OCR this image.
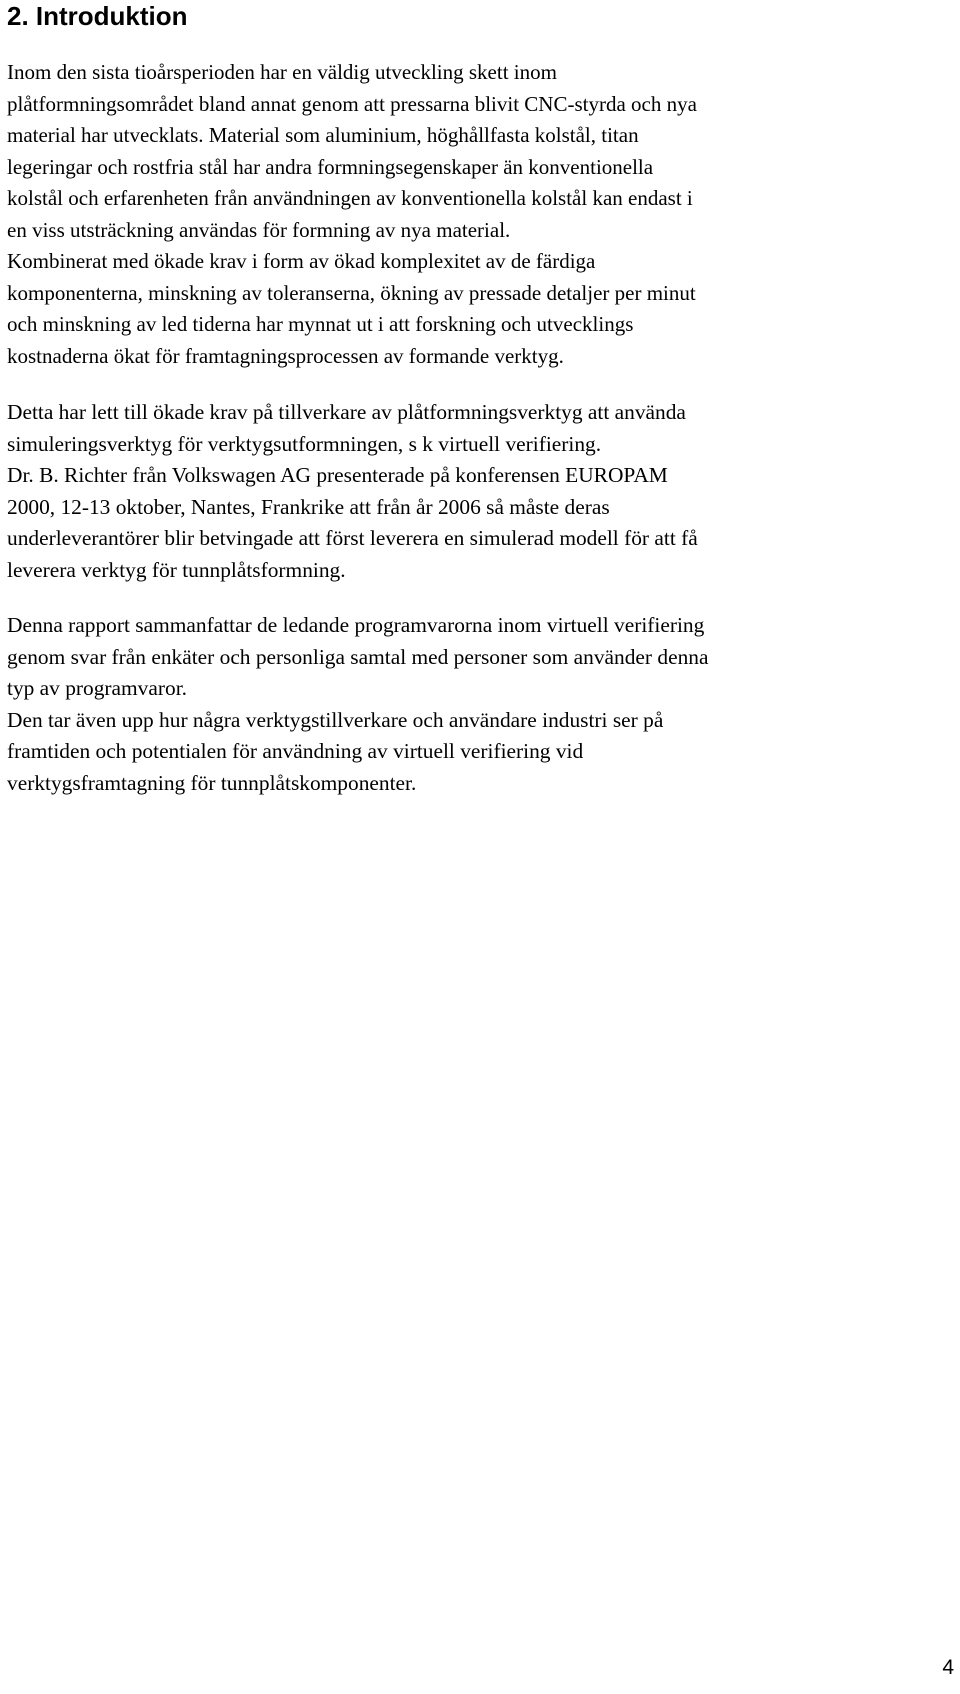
2. Introduktion
Inom den sista tioårsperioden har en väldig utveckling skett inom
plåtformningsområdet bland annat genom att pressarna blivit CNC-styrda och nya
material har utvecklats. Material som aluminium, höghållfasta kolstål, titan
legeringar och rostfria stål har andra formningsegenskaper än konventionella
kolstål och erfarenheten från användningen av konventionella kolstål kan endast i
en viss utsträckning användas för formning av nya material.
Kombinerat med ökade krav i form av ökad komplexitet av de färdiga
komponenterna, minskning av toleranserna, ökning av pressade detaljer per minut
och minskning av led tiderna har mynnat ut i att forskning och utvecklings
kostnaderna ökat för framtagningsprocessen av formande verktyg.
Detta har lett till ökade krav på tillverkare av plåtformningsverktyg att använda
simuleringsverktyg för verktygsutformningen, s k virtuell verifiering.
Dr. B. Richter från Volkswagen AG presenterade på konferensen EUROPAM
2000, 12-13 oktober, Nantes, Frankrike att från år 2006 så måste deras
underleverantörer blir betvingade att först leverera en simulerad modell för att få
leverera verktyg för tunnplåtsformning.
Denna rapport sammanfattar de ledande programvarorna inom virtuell verifiering
genom svar från enkäter och personliga samtal med personer som använder denna
typ av programvaror.
Den tar även upp hur några verktygstillverkare och användare industri ser på
framtiden och potentialen för användning av virtuell verifiering vid
verktygsframtagning för tunnplåtskomponenter.
4
